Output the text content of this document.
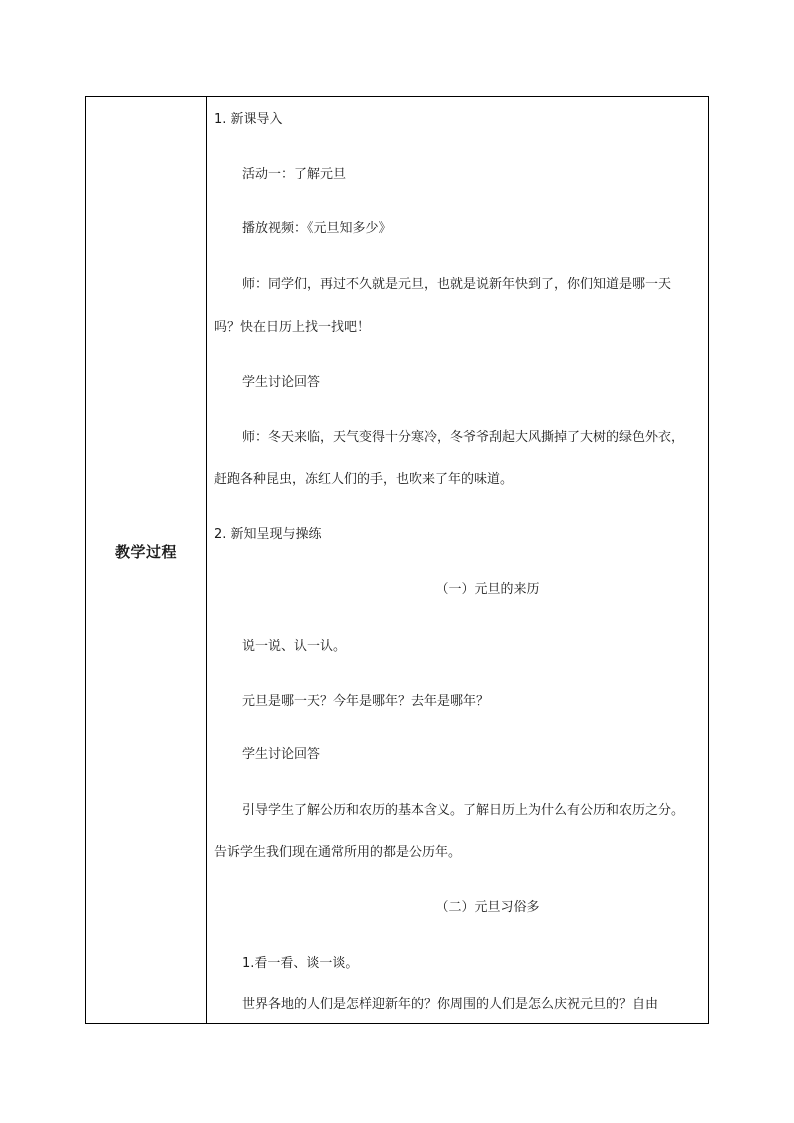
教学过程
1. 新课导入
活动一：了解元旦
播放视频：《元旦知多少》
师：同学们，再过不久就是元旦，也就是说新年快到了，你们知道是哪一天
吗？快在日历上找一找吧！
学生讨论回答
师：冬天来临，天气变得十分寒冷，冬爷爷刮起大风撕掉了大树的绿色外衣，
赶跑各种昆虫，冻红人们的手，也吹来了年的味道。
2. 新知呈现与操练
（一）元旦的来历
说一说、认一认。
元旦是哪一天？今年是哪年？去年是哪年？
学生讨论回答
引导学生了解公历和农历的基本含义。了解日历上为什么有公历和农历之分。
告诉学生我们现在通常所用的都是公历年。
（二）元旦习俗多
1.看一看、谈一谈。
世界各地的人们是怎样迎新年的？你周围的人们是怎么庆祝元旦的？自由
